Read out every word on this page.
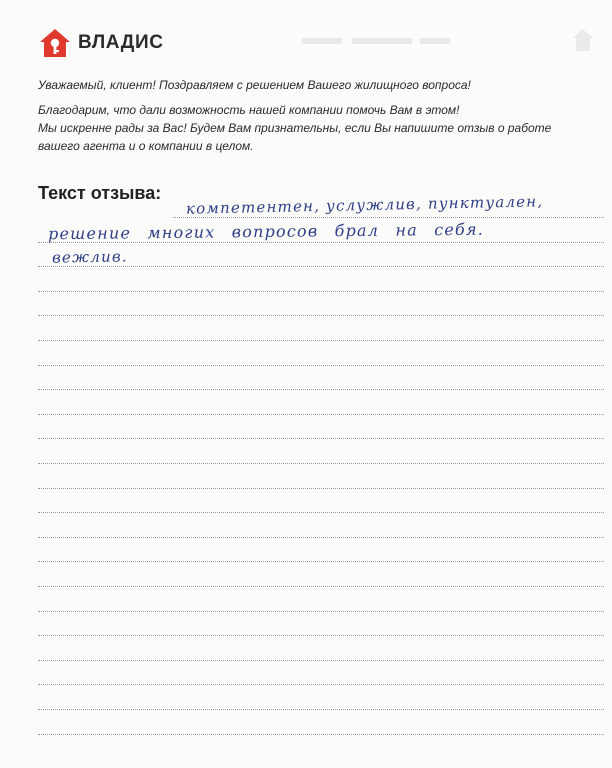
ВЛАДИС

Уважаемый, клиент! Поздравляем с решением Вашего жилищного вопроса!

Благодарим, что дали возможность нашей компании помочь Вам в этом!

Мы искренне рады за Вас! Будем Вам признательны, если Вы напишите отзыв о работе

вашего агента и о компании в целом.

Текст отзыва: компетентен, услужлив, пунктуален,
решение многих вопросов брал на себя.
вежлив.
